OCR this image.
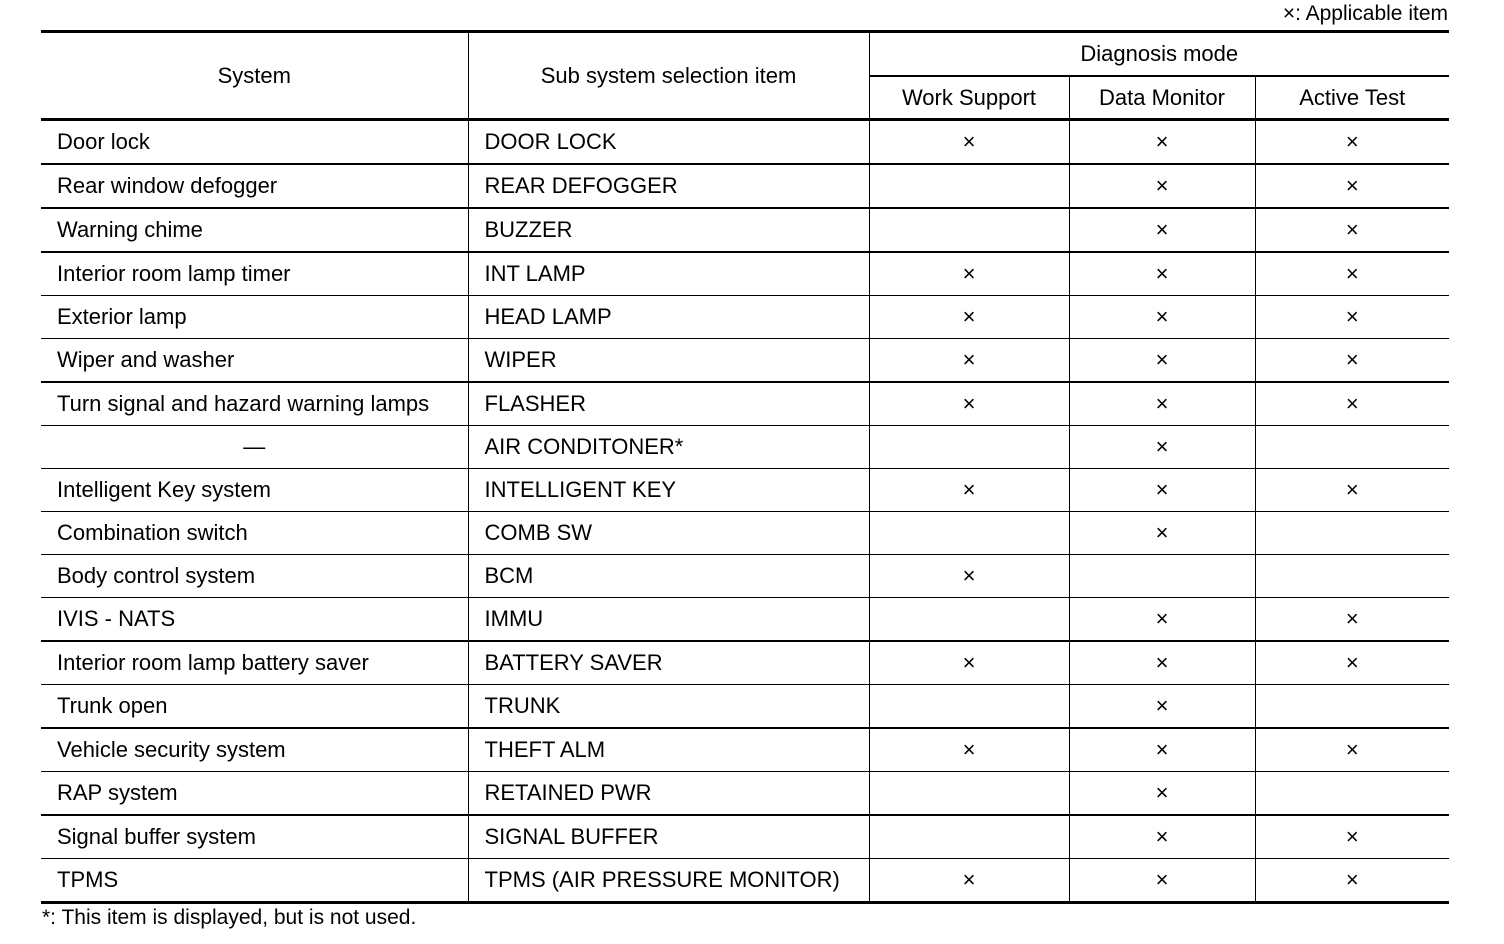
×: Applicable item
System	Sub system selection item	Diagnosis mode		
		Work Support	Data Monitor	Active Test
Door lock	DOOR LOCK	×	×	×
Rear window defogger	REAR DEFOGGER		×	×
Warning chime	BUZZER		×	×
Interior room lamp timer	INT LAMP	×	×	×
Exterior lamp	HEAD LAMP	×	×	×
Wiper and washer	WIPER	×	×	×
Turn signal and hazard warning lamps	FLASHER	×	×	×
—	AIR CONDITONER*		×	
Intelligent Key system	INTELLIGENT KEY	×	×	×
Combination switch	COMB SW		×	
Body control system	BCM	×		
IVIS - NATS	IMMU		×	×
Interior room lamp battery saver	BATTERY SAVER	×	×	×
Trunk open	TRUNK		×	
Vehicle security system	THEFT ALM	×	×	×
RAP system	RETAINED PWR		×	
Signal buffer system	SIGNAL BUFFER		×	×
TPMS	TPMS (AIR PRESSURE MONITOR)	×	×	×
*: This item is displayed, but is not used.
